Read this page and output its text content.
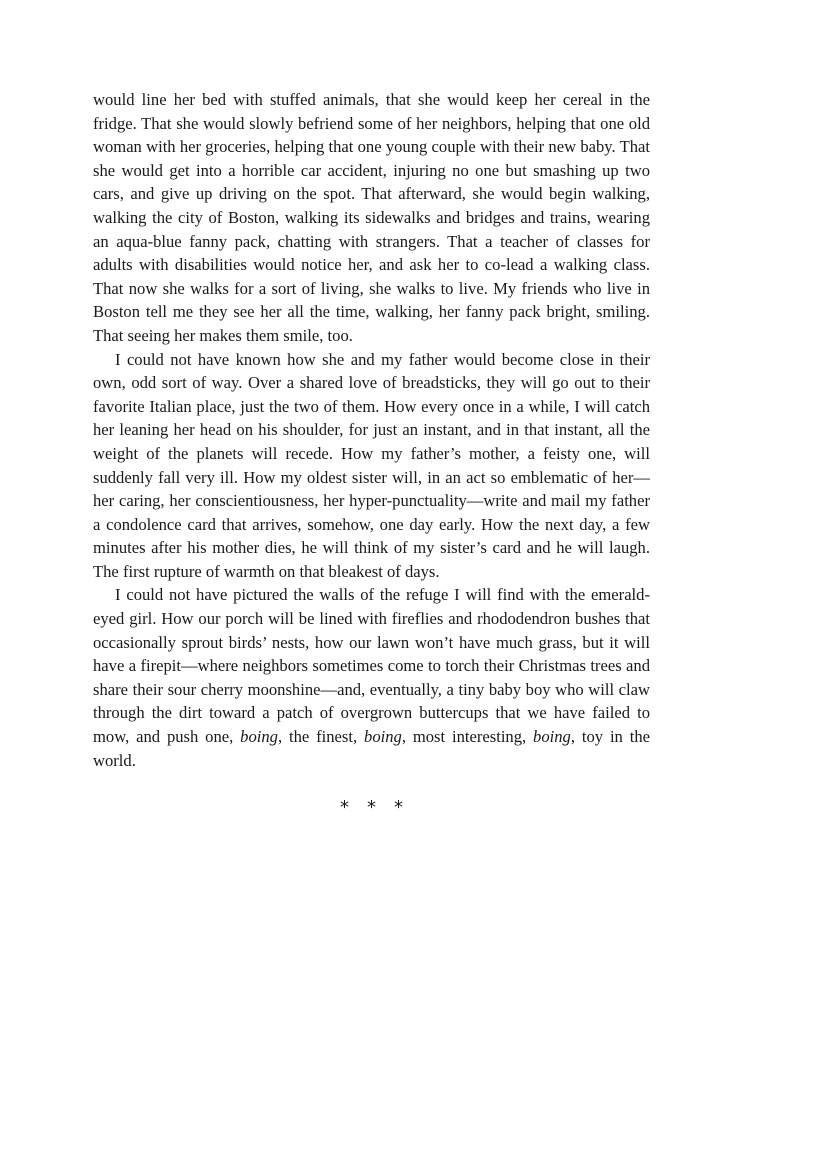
would line her bed with stuffed animals, that she would keep her cereal in the fridge. That she would slowly befriend some of her neighbors, helping that one old woman with her groceries, helping that one young couple with their new baby. That she would get into a horrible car accident, injuring no one but smashing up two cars, and give up driving on the spot. That afterward, she would begin walking, walking the city of Boston, walking its sidewalks and bridges and trains, wearing an aqua-blue fanny pack, chatting with strangers. That a teacher of classes for adults with disabilities would notice her, and ask her to co-lead a walking class. That now she walks for a sort of living, she walks to live. My friends who live in Boston tell me they see her all the time, walking, her fanny pack bright, smiling. That seeing her makes them smile, too.

I could not have known how she and my father would become close in their own, odd sort of way. Over a shared love of breadsticks, they will go out to their favorite Italian place, just the two of them. How every once in a while, I will catch her leaning her head on his shoulder, for just an instant, and in that instant, all the weight of the planets will recede. How my father’s mother, a feisty one, will suddenly fall very ill. How my oldest sister will, in an act so emblematic of her—her caring, her conscientiousness, her hyper-punctuality—write and mail my father a condolence card that arrives, somehow, one day early. How the next day, a few minutes after his mother dies, he will think of my sister’s card and he will laugh. The first rupture of warmth on that bleakest of days.

I could not have pictured the walls of the refuge I will find with the emerald-eyed girl. How our porch will be lined with fireflies and rhododendron bushes that occasionally sprout birds’ nests, how our lawn won’t have much grass, but it will have a firepit—where neighbors sometimes come to torch their Christmas trees and share their sour cherry moonshine—and, eventually, a tiny baby boy who will claw through the dirt toward a patch of overgrown buttercups that we have failed to mow, and push one, boing, the finest, boing, most interesting, boing, toy in the world.

* * *
